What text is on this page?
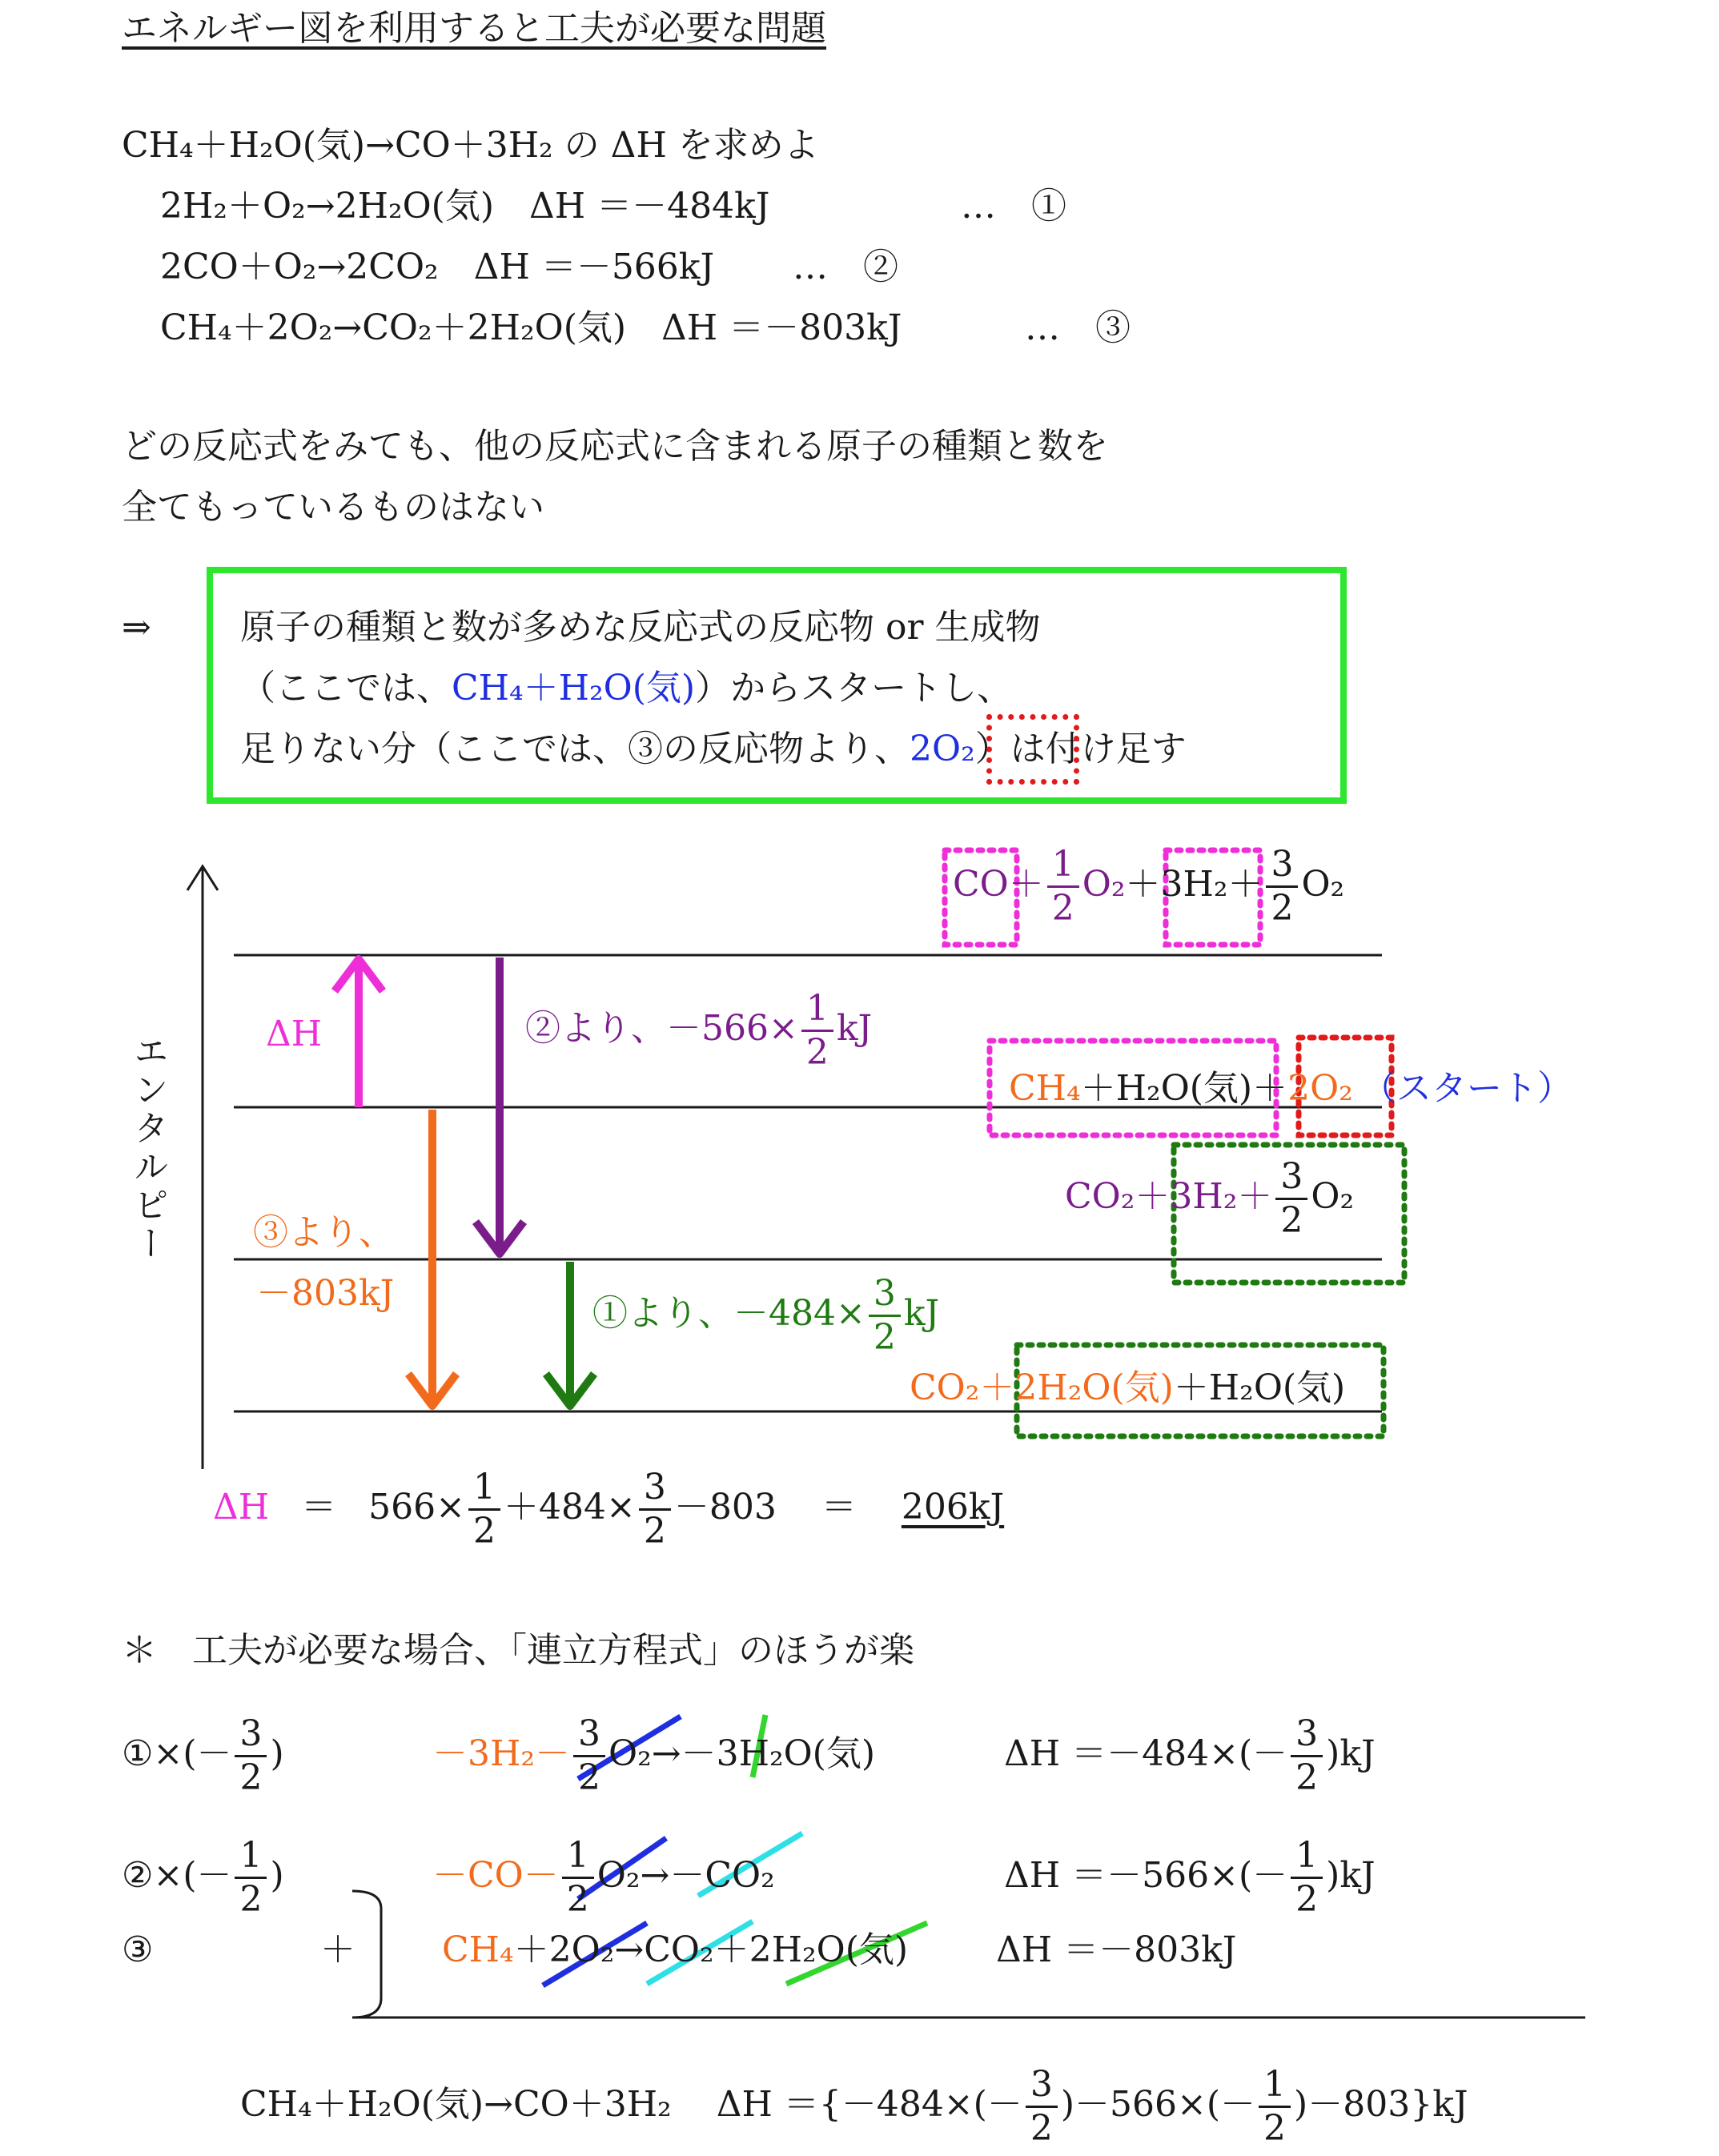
エネルギー図を利用すると工夫が必要な問題
CH₄＋H₂O(気)→CO＋3H₂ の ΔH を求めよ
2H₂＋O₂→2H₂O(気)　ΔH ＝－484kJ	…　①
2CO＋O₂→2CO₂　ΔH ＝－566kJ …　②
CH₄＋2O₂→CO₂＋2H₂O(気)　ΔH ＝－803kJ	…　③
どの反応式をみても、他の反応式に含まれる原子の種類と数を
全てもっているものはない
⇒	原子の種類と数が多めな反応式の反応物 or 生成物
（ここでは、CH₄＋H₂O(気)）からスタートし、
足りない分（ここでは、③の反応物より、2O₂）は付け足す
エンタルピー
$CO+ \frac{1}{2} O_2+3H_2+ \frac{3}{2} O_2$
CH₄＋H₂O(気)＋2O₂ （スタート）
$CO_2+3H_2+ \frac{3}{2} O_2$
CO₂＋2H₂O(気)＋H₂O(気)
ΔH	②より、$-566\times \frac{1}{2}$ kJ
③より、
－803kJ	①より、$-484\times \frac{3}{2}$ kJ
$\Delta H = 566\times \frac{1}{2} +484\times \frac{3}{2} -803 = 206kJ$
＊　工夫が必要な場合、「連立方程式」のほうが楽
①×(－ $\frac{3}{2}$ )	$-3H_2- \frac{3}{2} O_2\to-3H_2O$(気)	$\Delta H =-484\times(- \frac{3}{2} )kJ$
②×(－ $\frac{1}{2}$ )	$-CO- \frac{1}{2} O_2\to-CO_2$	$\Delta H =-566\times(- \frac{1}{2} )kJ$
③	＋ CH₄＋2O₂→CO₂＋2H₂O(気) ΔH ＝－803kJ
CH₄＋H₂O(気)→CO＋3H₂ $\Delta H =\{-484\times(- \frac{3}{2} )-566\times(- \frac{1}{2} )-803\}kJ$
